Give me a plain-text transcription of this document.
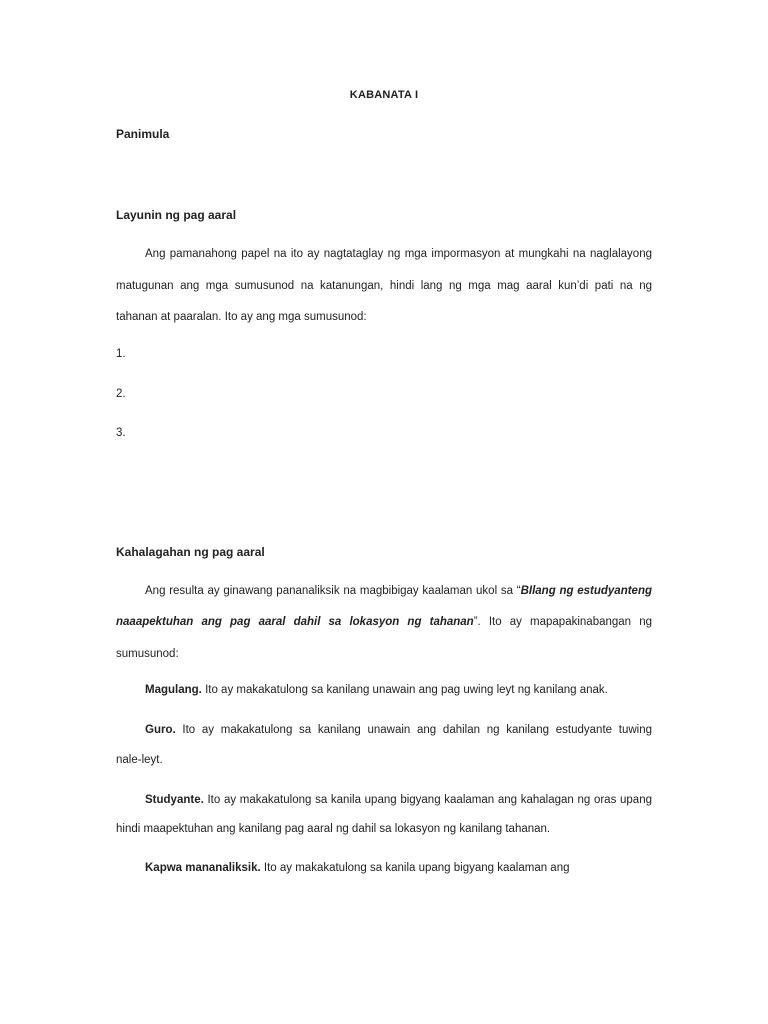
KABANATA I
Panimula
Layunin ng pag aaral
Ang pamanahong papel na ito ay nagtataglay ng mga impormasyon at mungkahi na naglalayong
matugunan ang mga sumusunod na katanungan, hindi lang ng mga mag aaral kun’di pati na ng
tahanan at paaralan. Ito ay ang mga sumusunod:
1.
2.
3.
Kahalagahan ng pag aaral
Ang resulta ay ginawang pananaliksik na magbibigay kaalaman ukol sa “BIlang ng estudyanteng
naaapektuhan ang pag aaral dahil sa lokasyon ng tahanan”. Ito ay mapapakinabangan ng
sumusunod:
Magulang. Ito ay makakatulong sa kanilang unawain ang pag uwing leyt ng kanilang anak.
Guro. Ito ay makakatulong sa kanilang unawain ang dahilan ng kanilang estudyante tuwing
nale-leyt.
Studyante. Ito ay makakatulong sa kanila upang bigyang kaalaman ang kahalagan ng oras upang
hindi maapektuhan ang kanilang pag aaral ng dahil sa lokasyon ng kanilang tahanan.
Kapwa mananaliksik. Ito ay makakatulong sa kanila upang bigyang kaalaman ang
